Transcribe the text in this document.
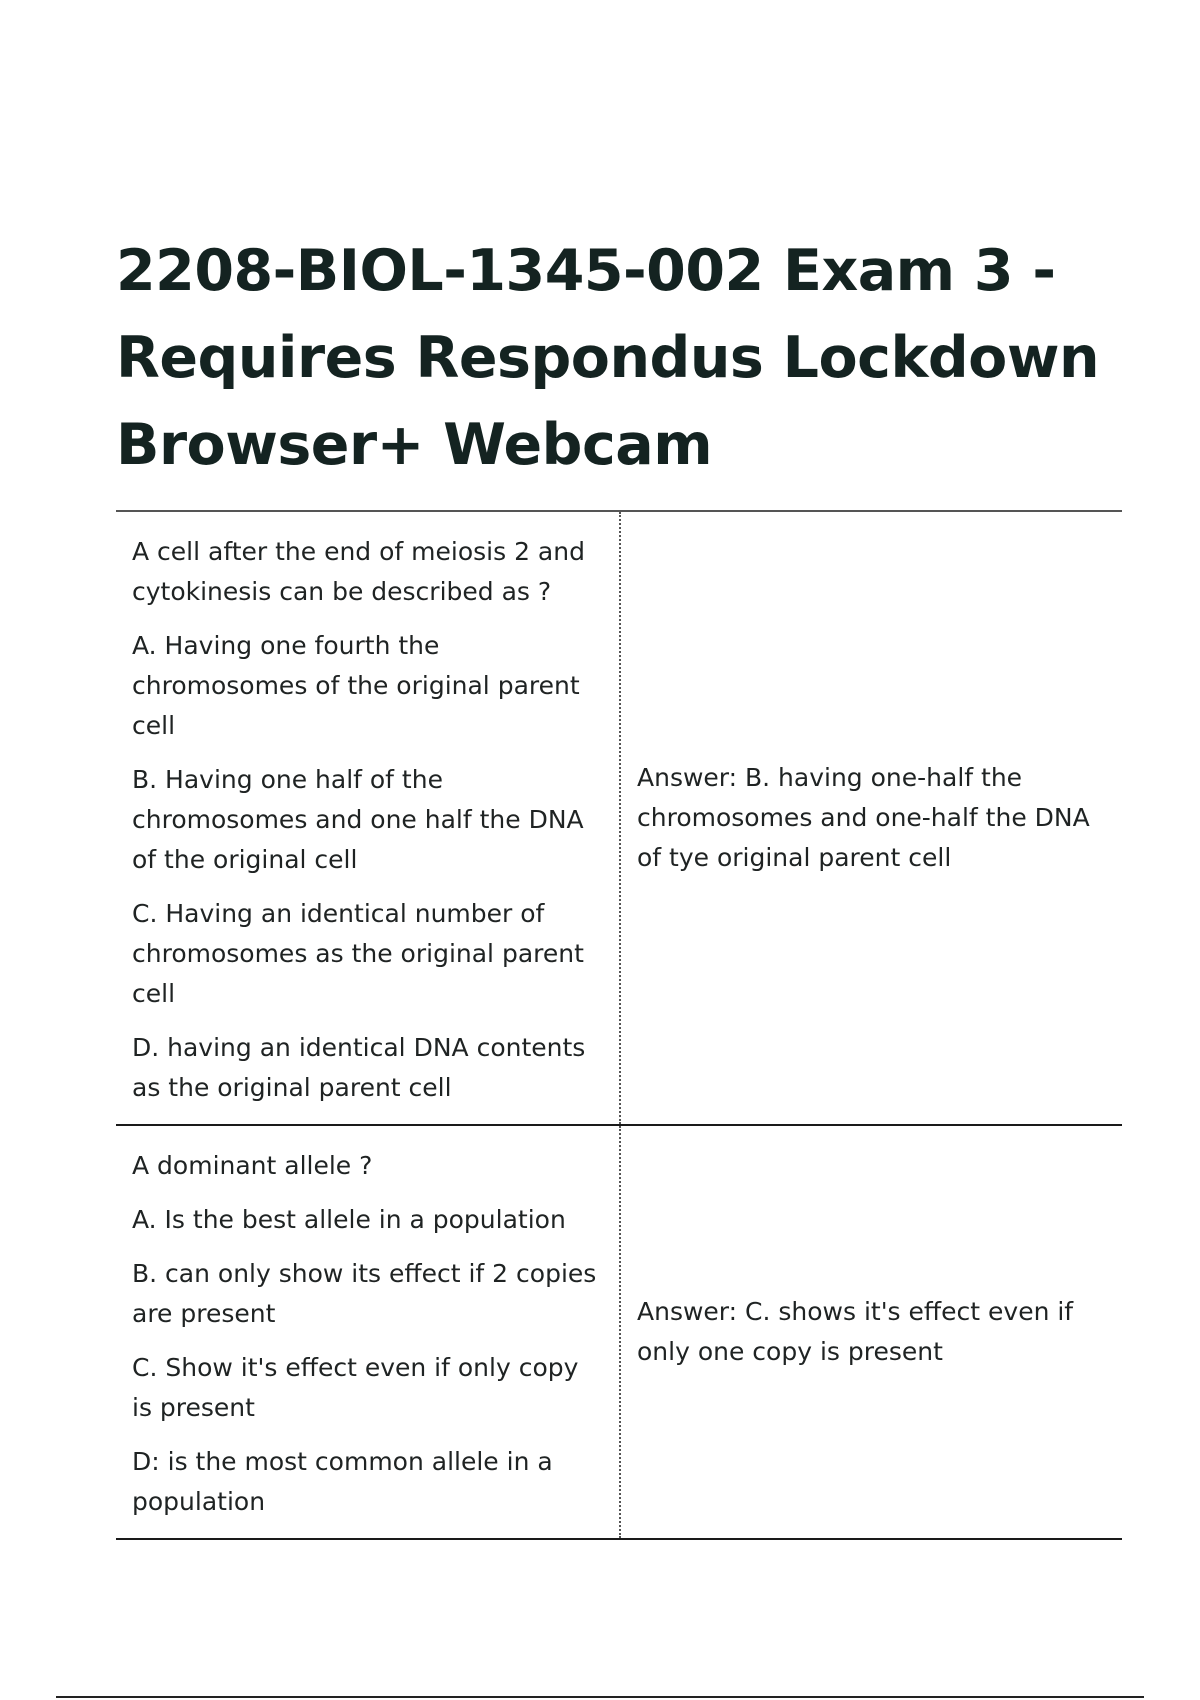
2208-BIOL-1345-002 Exam 3 - Requires Respondus Lockdown Browser+ Webcam

A cell after the end of meiosis 2 and cytokinesis can be described as ?

A. Having one fourth the chromosomes of the original parent cell

B. Having one half of the chromosomes and one half the DNA of the original cell

C. Having an identical number of chromosomes as the original parent cell

D. having an identical DNA contents as the original parent cell	Answer: B. having one-half the chromosomes and one-half the DNA of tye original parent cell

A dominant allele ?

A. Is the best allele in a population

B. can only show its effect if 2 copies are present

C. Show it's effect even if only copy is present

D: is the most common allele in a population	Answer: C. shows it's effect even if only one copy is present
